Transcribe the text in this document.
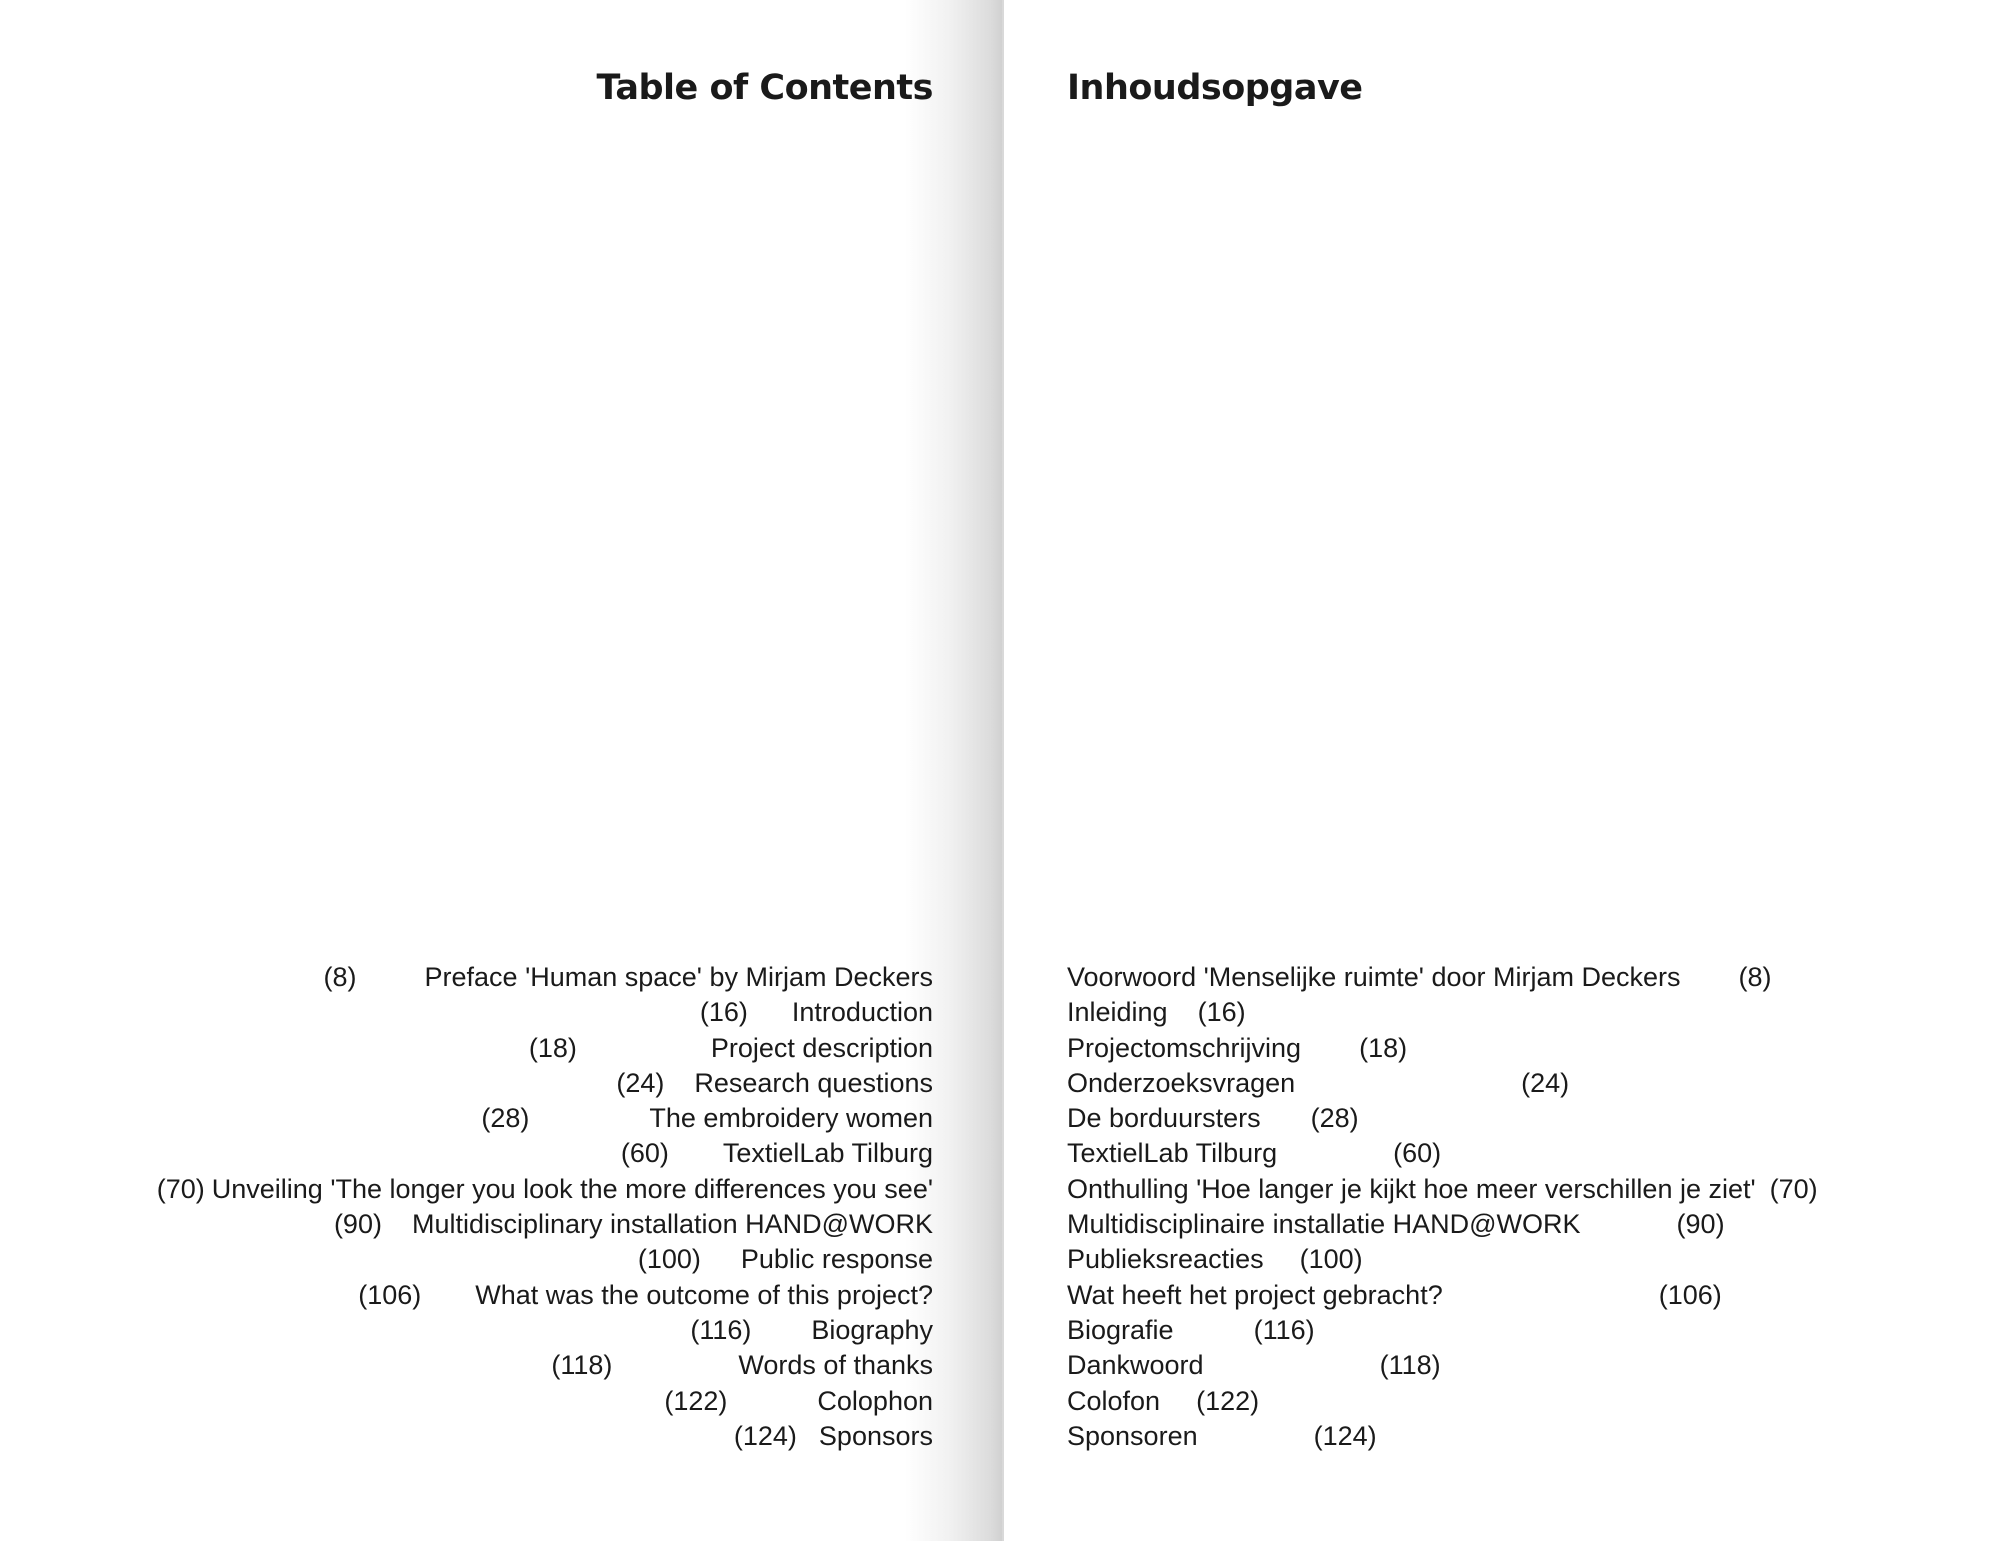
Table of Contents	Inhoudsopgave
(8)	Preface 'Human space' by Mirjam Deckers
(16) Introduction
(18)	Project description
(24) Research questions
(28)	The embroidery women
(60) TextielLab Tilburg
(70) Unveiling 'The longer you look the more differences you see'
(90) Multidisciplinary installation HAND@WORK
(100) Public response
(106) What was the outcome of this project?
(116) Biography
(118)	Words of thanks
(122)	Colophon
(124) Sponsors
Voorwoord 'Menselijke ruimte' door Mirjam Deckers (8)
Inleiding (16)
Projectomschrijving (18)
Onderzoeksvragen	(24)
De borduursters (28)
TextielLab Tilburg	(60)
Onthulling 'Hoe langer je kijkt hoe meer verschillen je ziet' (70)
Multidisciplinaire installatie HAND@WORK	(90)
Publieksreacties (100)
Wat heeft het project gebracht?	(106)
Biografie	(116)
Dankwoord	(118)
Colofon (122)
Sponsoren	(124)
